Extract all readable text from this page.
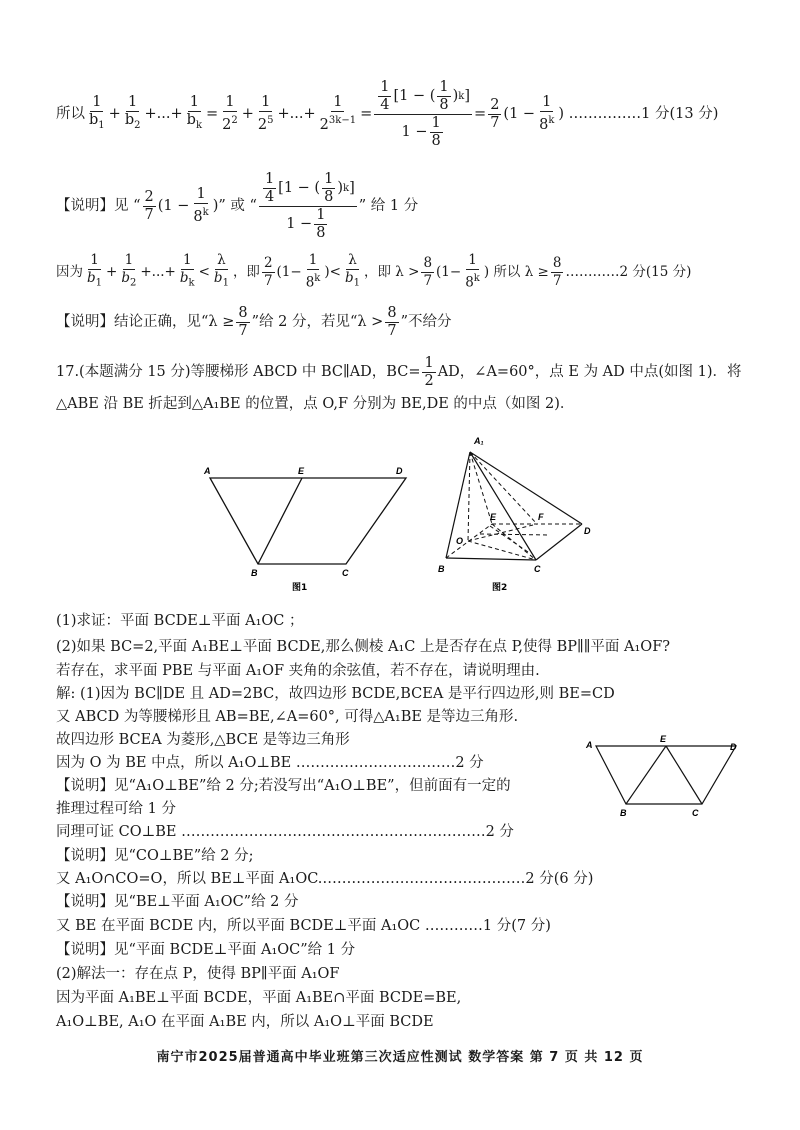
所以 $\frac{1}{b_1} + \frac{1}{b_2}$ +...+ $\frac{1}{b_k} = \frac{1}{2^2} + \frac{1}{2^5}$ +...+ $\frac{1}{2^{3k-1}} = \frac{\frac{1}{4} [1 - ( \frac{1}{8} ) k ]}{1 - \frac{1}{8}} = \frac{2}{7} (1 - \frac{1}{8^k}$ ) ……………1 分(13 分)
【说明】见 “ $\frac{2}{7} (1 - \frac{1}{8^k}$ ) ” 或 “ $\frac{\frac{1}{4} [1 - ( \frac{1}{8} ) k ]}{1 - \frac{1}{8}}$ ” 给 1 分
因为 $\frac{1}{b_1} + \frac{1}{b_2}$ +...+ $\frac{1}{b_k} < \frac{\lambda}{b_1}$ ，即 $\frac{2}{7} (1- \frac{1}{8^k}$ )< $\frac{\lambda}{b_1}$ ，即 $\lambda > \frac{8}{7} (1- \frac{1}{8^k}$ ) 所以 $\lambda \ge \frac{8}{7}$ …………2 分(15 分)
【说明】结论正确，见“$\lambda \ge \frac{8}{7}$ ”给 2 分，若见“$\lambda > \frac{8}{7}$ ”不给分
17.(本题满分 15 分)等腰梯形 ABCD 中 BC∥AD，$BC= \frac{1}{2}$ AD，∠A=60°，点 E 为 AD 中点(如图 1)．将
△ABE 沿 BE 折起到△A₁BE 的位置，点 O,F 分别为 BE,DE 的中点（如图 2)．
A	E	D
B	C
图1
A₁
E	F
O
D
B	C
图2
(1)求证：平面 BCDE⊥平面 A₁OC ；
(2)如果 BC=2,平面 A₁BE⊥平面 BCDE,那么侧棱 A₁C 上是否存在点 P,使得 BP∥∥平面 A₁OF?
若存在，求平面 PBE 与平面 A₁OF 夹角的余弦值，若不存在，请说明理由.
解: (1)因为 BC∥DE 且 AD=2BC，故四边形 BCDE,BCEA 是平行四边形,则 BE=CD
又 ABCD 为等腰梯形且 AB=BE,∠A=60°, 可得△A₁BE 是等边三角形.
故四边形 BCEA 为菱形,△BCE 是等边三角形
因为 O 为 BE 中点，所以 A₁O⊥BE ……………………………2 分
【说明】见“A₁O⊥BE”给 2 分;若没写出“A₁O⊥BE”，但前面有一定的
推理过程可给 1 分
同理可证 CO⊥BE ………………………………………………………2 分
【说明】见“CO⊥BE”给 2 分;
又 A₁O∩CO=O，所以 BE⊥平面 A₁OC.……………………………………2 分(6 分)
【说明】见“BE⊥平面 A₁OC”给 2 分
又 BE 在平面 BCDE 内，所以平面 BCDE⊥平面 A₁OC …………1 分(7 分)
【说明】见“平面 BCDE⊥平面 A₁OC”给 1 分
(2)解法一：存在点 P，使得 BP∥平面 A₁OF
因为平面 A₁BE⊥平面 BCDE，平面 A₁BE∩平面 BCDE=BE,
A₁O⊥BE, A₁O 在平面 A₁BE 内，所以 A₁O⊥平面 BCDE
A
E
D
B	C
南宁市2025届普通高中毕业班第三次适应性测试 数学答案 第 7 页 共 12 页
